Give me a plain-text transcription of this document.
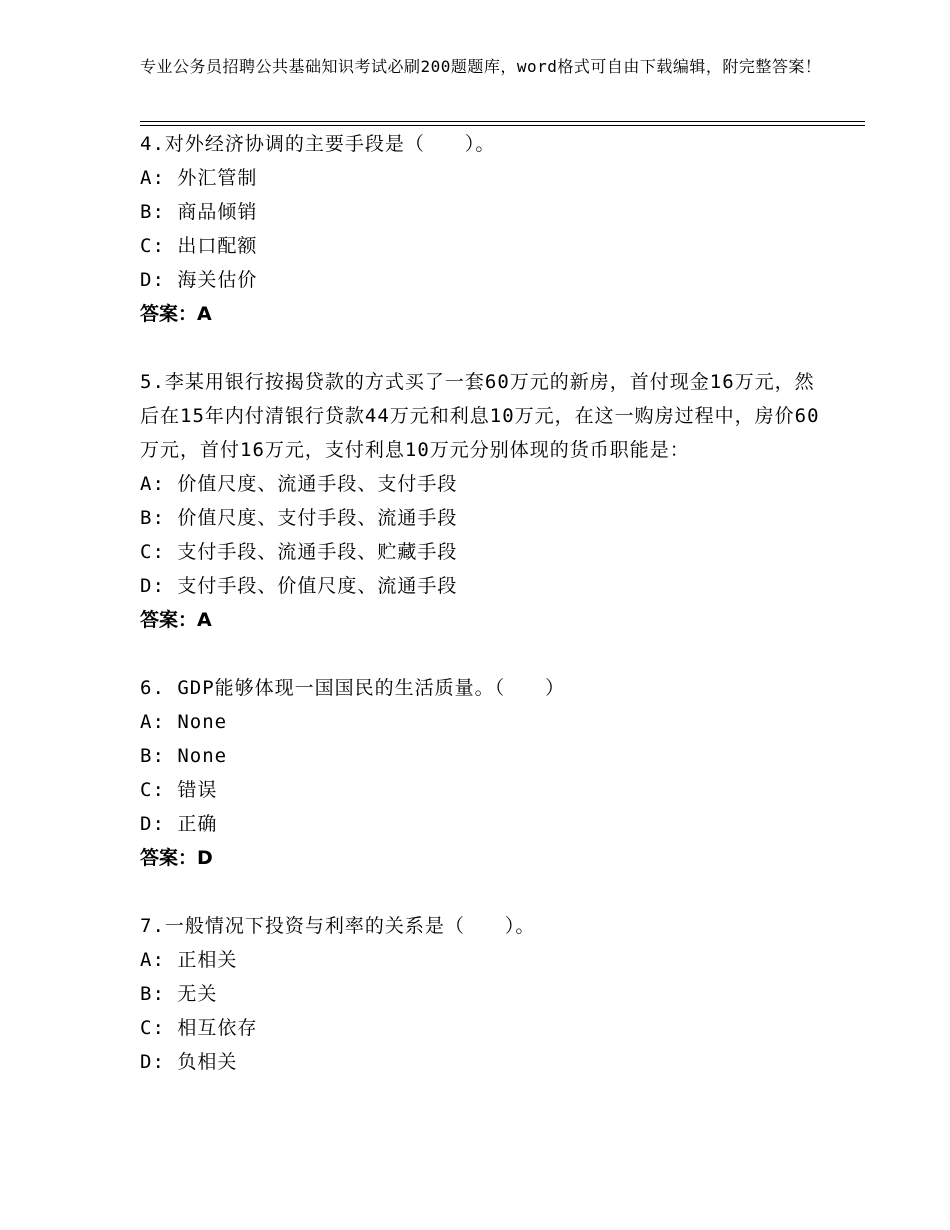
专业公务员招聘公共基础知识考试必刷200题题库，word格式可自由下载编辑，附完整答案！
4.对外经济协调的主要手段是（　　）。
A: 外汇管制
B: 商品倾销
C: 出口配额
D: 海关估价
答案：A
5.李某用银行按揭贷款的方式买了一套60万元的新房，首付现金16万元，然后在15年内付清银行贷款44万元和利息10万元，在这一购房过程中，房价60万元，首付16万元，支付利息10万元分别体现的货币职能是：
A: 价值尺度、流通手段、支付手段
B: 价值尺度、支付手段、流通手段
C: 支付手段、流通手段、贮藏手段
D: 支付手段、价值尺度、流通手段
答案：A
6. GDP能够体现一国国民的生活质量。（　　）
A: None
B: None
C: 错误
D: 正确
答案：D
7.一般情况下投资与利率的关系是（　　）。
A: 正相关
B: 无关
C: 相互依存
D: 负相关
